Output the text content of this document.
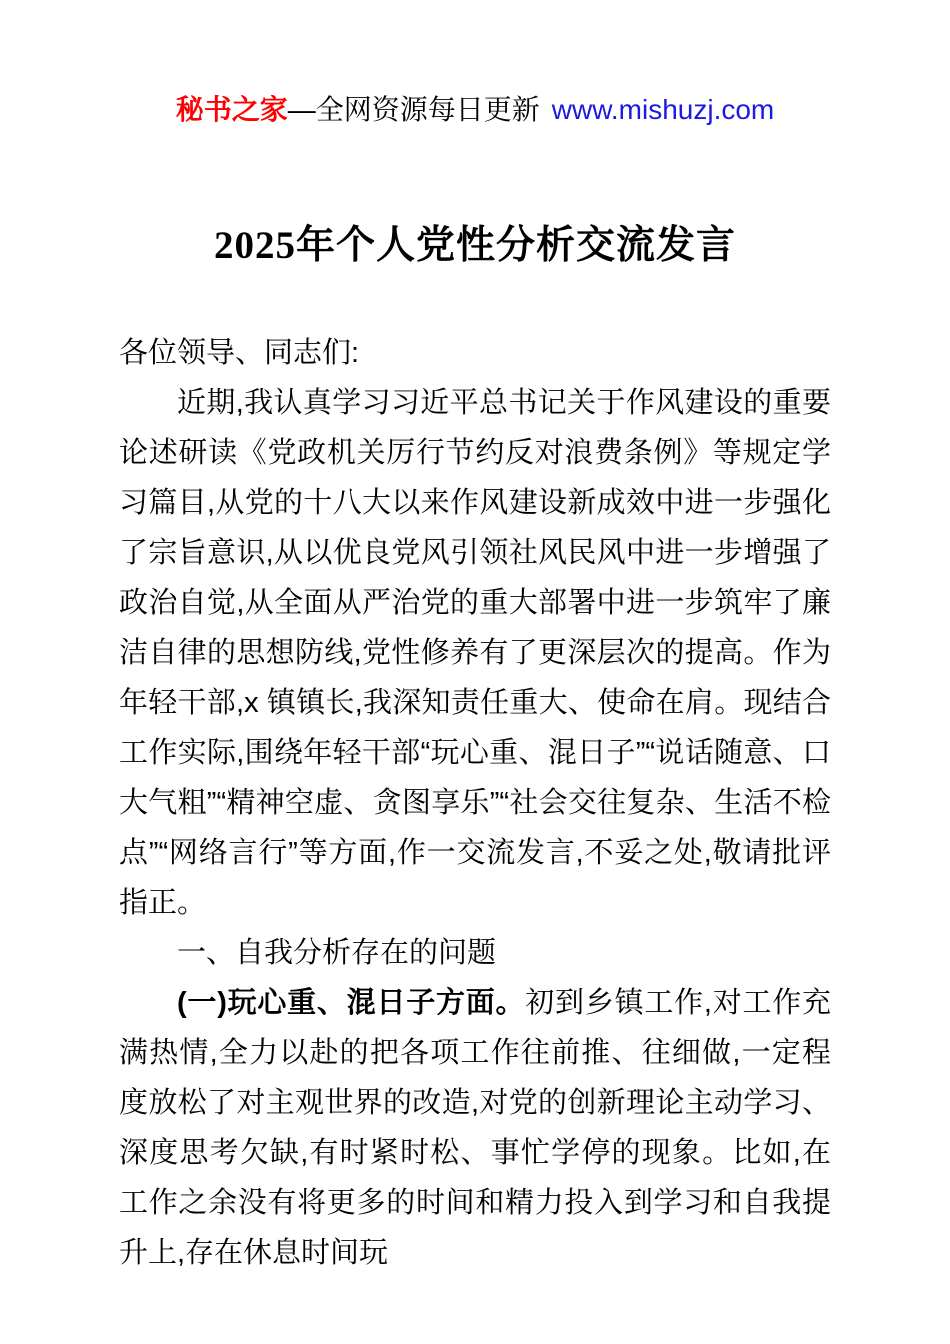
秘书之家—全网资源每日更新 www.mishuzj.com
2025年个人党性分析交流发言

各位领导、同志们:

近期,我认真学习习近平总书记关于作风建设的重要论述研读《党政机关厉行节约反对浪费条例》等规定学习篇目,从党的十八大以来作风建设新成效中进一步强化了宗旨意识,从以优良党风引领社风民风中进一步增强了政治自觉,从全面从严治党的重大部署中进一步筑牢了廉洁自律的思想防线,党性修养有了更深层次的提高。作为年轻干部,x 镇镇长,我深知责任重大、使命在肩。现结合工作实际,围绕年轻干部“玩心重、混日子”“说话随意、口大气粗”“精神空虚、贪图享乐”“社会交往复杂、生活不检点”“网络言行”等方面,作一交流发言,不妥之处,敬请批评指正。

一、自我分析存在的问题

(一)玩心重、混日子方面。初到乡镇工作,对工作充满热情,全力以赴的把各项工作往前推、往细做,一定程度放松了对主观世界的改造,对党的创新理论主动学习、深度思考欠缺,有时紧时松、事忙学停的现象。比如,在工作之余没有将更多的时间和精力投入到学习和自我提升上,存在休息时间玩
